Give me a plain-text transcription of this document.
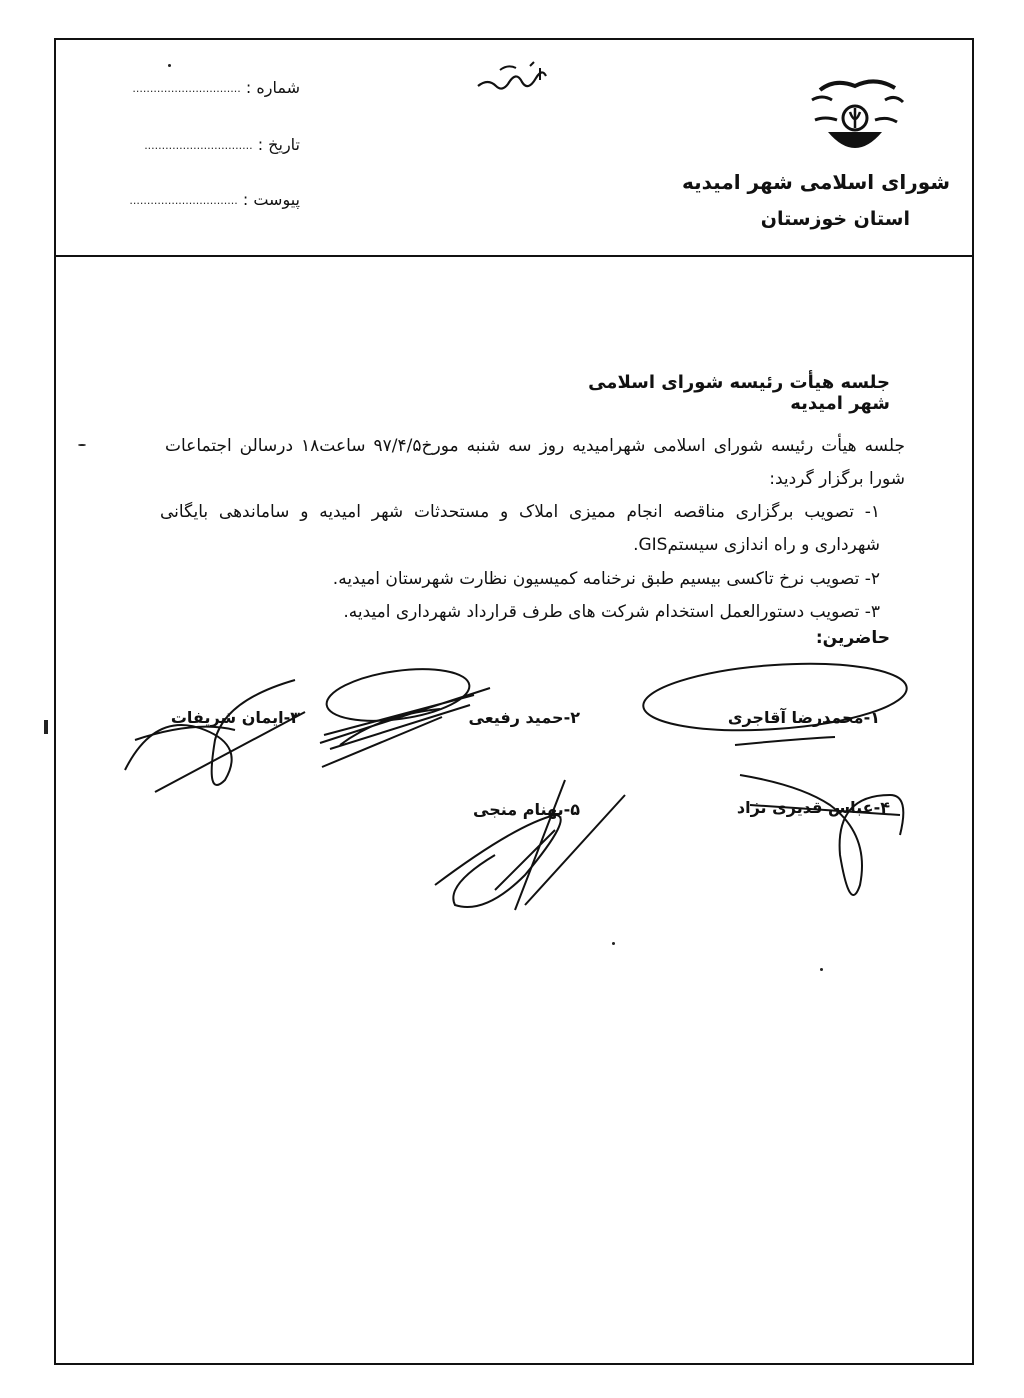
شورای اسلامی شهر امیدیه
استان خوزستان
شماره : ...............................
تاریخ : ...............................
پیوست : ...............................
جلسه هیأت رئیسه شورای اسلامی شهر امیدیه
جلسه هیأت رئیسه شورای اسلامی شهرامیدیه روز سه شنبه مورخ۹۷/۴/۵ ساعت۱۸ درسالن اجتماعات شورا برگزار گردید:
۱- تصویب برگزاری مناقصه انجام ممیزی املاک و مستحدثات شهر امیدیه و ساماندهی بایگانی شهرداری و راه اندازی سیستمGIS.
۲- تصویب نرخ تاکسی بیسیم طبق نرخنامه کمیسیون نظارت شهرستان امیدیه.
۳- تصویب دستورالعمل استخدام شرکت های طرف قرارداد شهرداری امیدیه.
حاضرین:
۱-محمدرضا آقاجری
۲-حمید رفیعی
۳-ایمان شریفات
۴-عباس قدیری نژاد
۵-بهنام منجی
